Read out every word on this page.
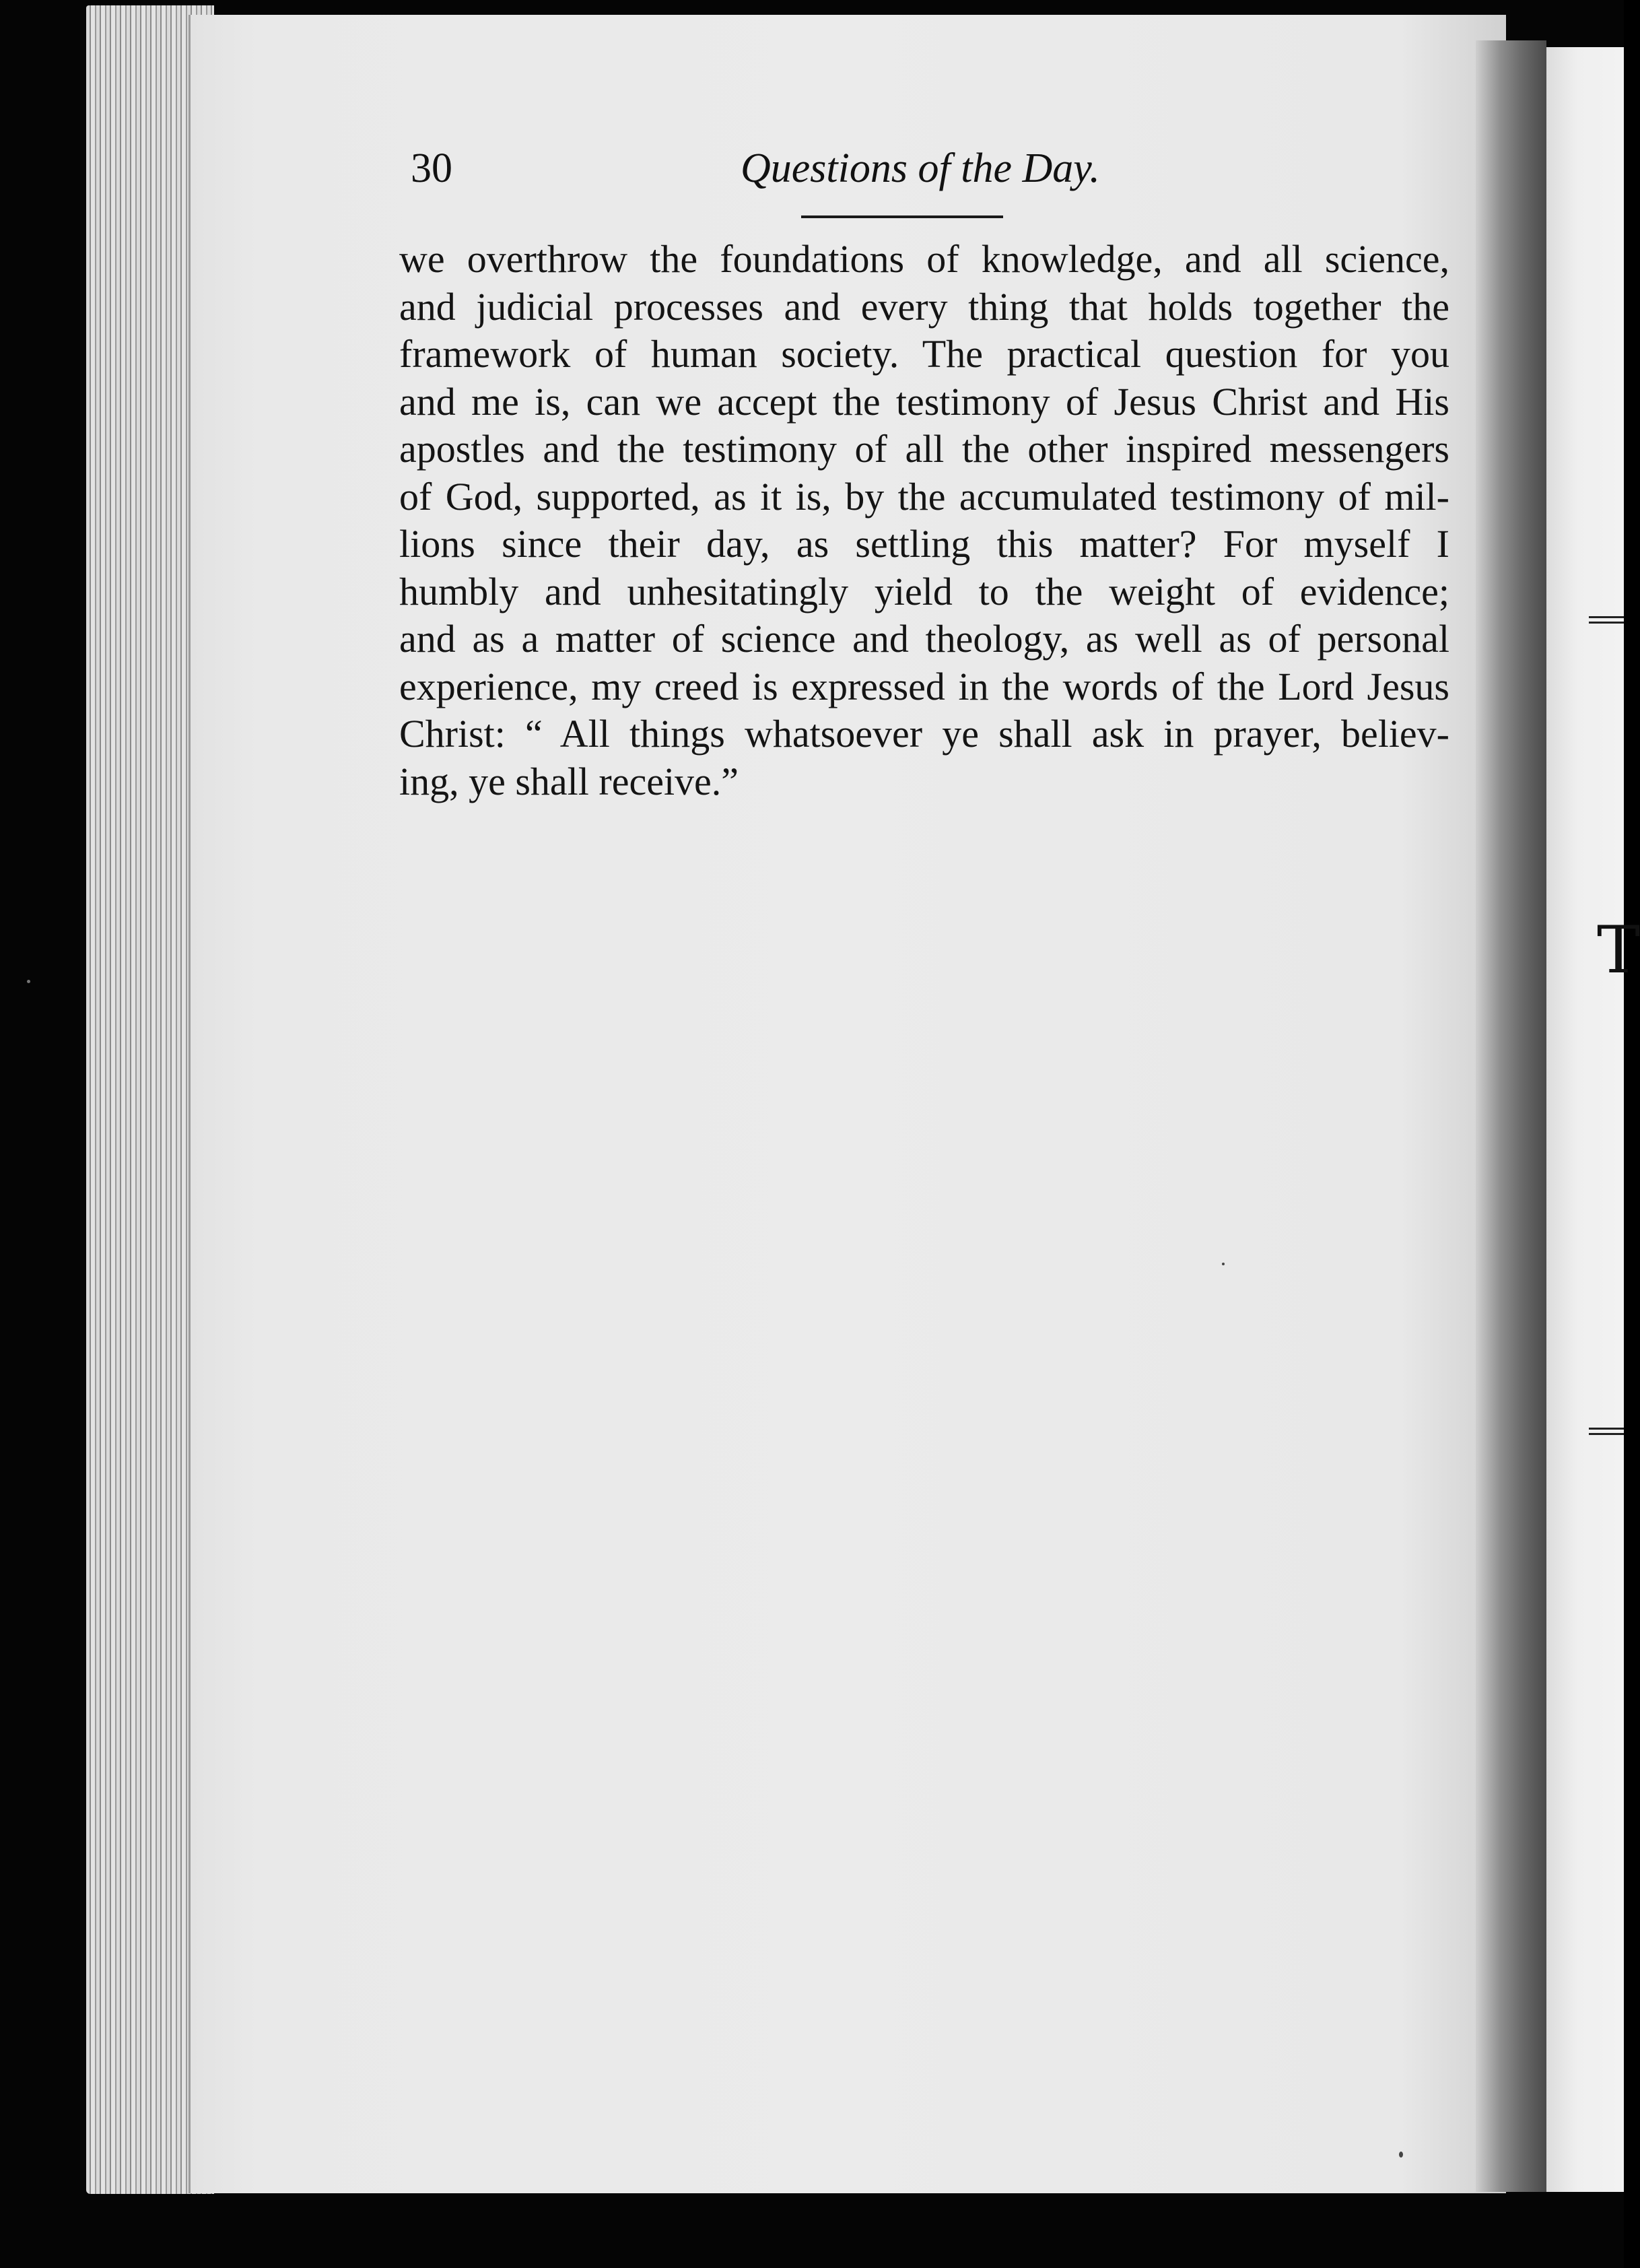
T
30	Questions of the Day.
we overthrow the foundations of knowledge, and all science,
and judicial processes and every thing that holds together the
framework of human society. The practical question for you
and me is, can we accept the testimony of Jesus Christ and His
apostles and the testimony of all the other inspired messengers
of God, supported, as it is, by the accumulated testimony of mil-
lions since their day, as settling this matter? For myself I
humbly and unhesitatingly yield to the weight of evidence;
and as a matter of science and theology, as well as of personal
experience, my creed is expressed in the words of the Lord Jesus
Christ: “ All things whatsoever ye shall ask in prayer, believ-
ing, ye shall receive.”
